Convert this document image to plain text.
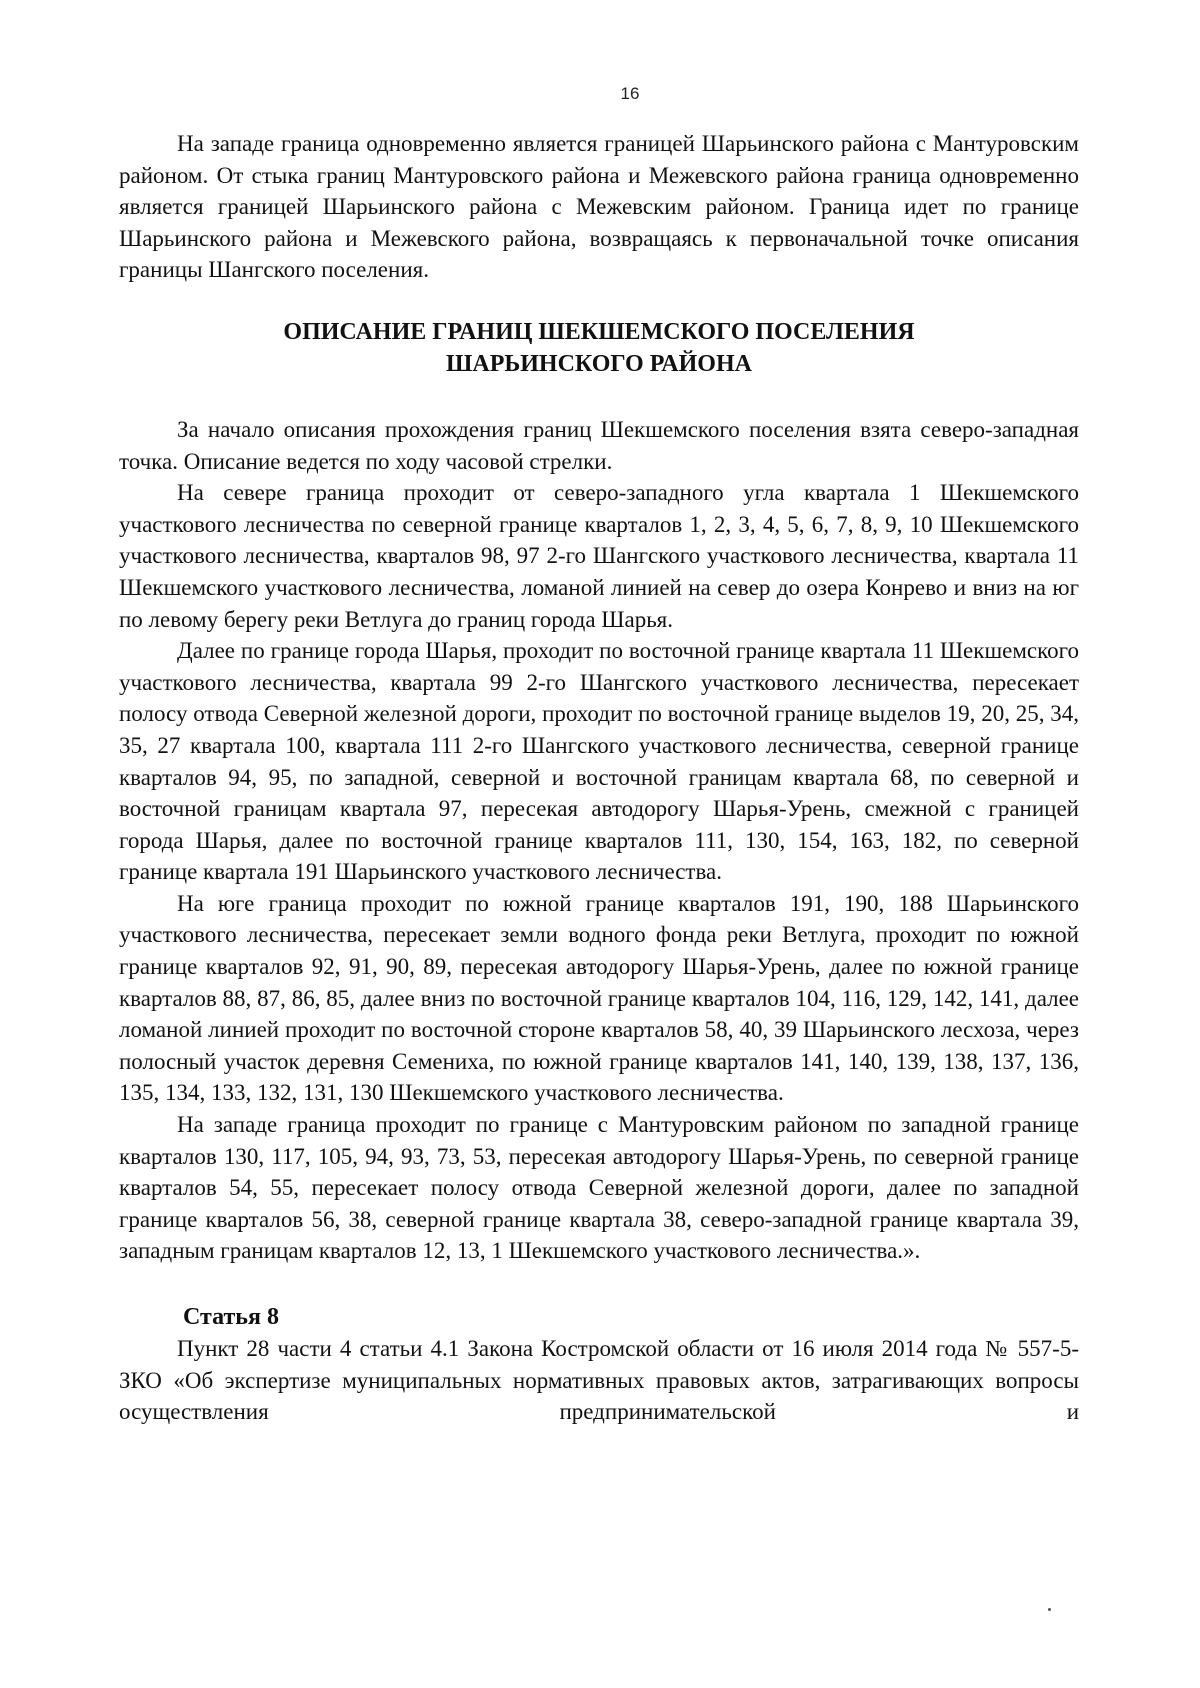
16

На западе граница одновременно является границей Шарьинского района с Мантуровским районом. От стыка границ Мантуровского района и Межевского района граница одновременно является границей Шарьинского района с Межевским районом. Граница идет по границе Шарьинского района и Межевского района, возвращаясь к первоначальной точке описания границы Шангского поселения.

ОПИСАНИЕ ГРАНИЦ ШЕКШЕМСКОГО ПОСЕЛЕНИЯ
ШАРЬИНСКОГО РАЙОНА

За начало описания прохождения границ Шекшемского поселения взята северо-западная точка. Описание ведется по ходу часовой стрелки.

На севере граница проходит от северо-западного угла квартала 1 Шекшемского участкового лесничества по северной границе кварталов 1, 2, 3, 4, 5, 6, 7, 8, 9, 10 Шекшемского участкового лесничества, кварталов 98, 97 2-го Шангского участкового лесничества, квартала 11 Шекшемского участкового лесничества, ломаной линией на север до озера Конрево и вниз на юг по левому берегу реки Ветлуга до границ города Шарья.

Далее по границе города Шарья, проходит по восточной границе квартала 11 Шекшемского участкового лесничества, квартала 99 2-го Шангского участкового лесничества, пересекает полосу отвода Северной железной дороги, проходит по восточной границе выделов 19, 20, 25, 34, 35, 27 квартала 100, квартала 111 2-го Шангского участкового лесничества, северной границе кварталов 94, 95, по западной, северной и восточной границам квартала 68, по северной и восточной границам квартала 97, пересекая автодорогу Шарья-Урень, смежной с границей города Шарья, далее по восточной границе кварталов 111, 130, 154, 163, 182, по северной границе квартала 191 Шарьинского участкового лесничества.

На юге граница проходит по южной границе кварталов 191, 190, 188 Шарьинского участкового лесничества, пересекает земли водного фонда реки Ветлуга, проходит по южной границе кварталов 92, 91, 90, 89, пересекая автодорогу Шарья-Урень, далее по южной границе кварталов 88, 87, 86, 85, далее вниз по восточной границе кварталов 104, 116, 129, 142, 141, далее ломаной линией проходит по восточной стороне кварталов 58, 40, 39 Шарьинского лесхоза, через полосный участок деревня Семениха, по южной границе кварталов 141, 140, 139, 138, 137, 136, 135, 134, 133, 132, 131, 130 Шекшемского участкового лесничества.

На западе граница проходит по границе с Мантуровским районом по западной границе кварталов 130, 117, 105, 94, 93, 73, 53, пересекая автодорогу Шарья-Урень, по северной границе кварталов 54, 55, пересекает полосу отвода Северной железной дороги, далее по западной границе кварталов 56, 38, северной границе квартала 38, северо-западной границе квартала 39, западным границам кварталов 12, 13, 1 Шекшемского участкового лесничества.».

Статья 8

Пункт 28 части 4 статьи 4.1 Закона Костромской области от 16 июля 2014 года № 557-5-ЗКО «Об экспертизе муниципальных нормативных правовых актов, затрагивающих вопросы осуществления предпринимательской и
